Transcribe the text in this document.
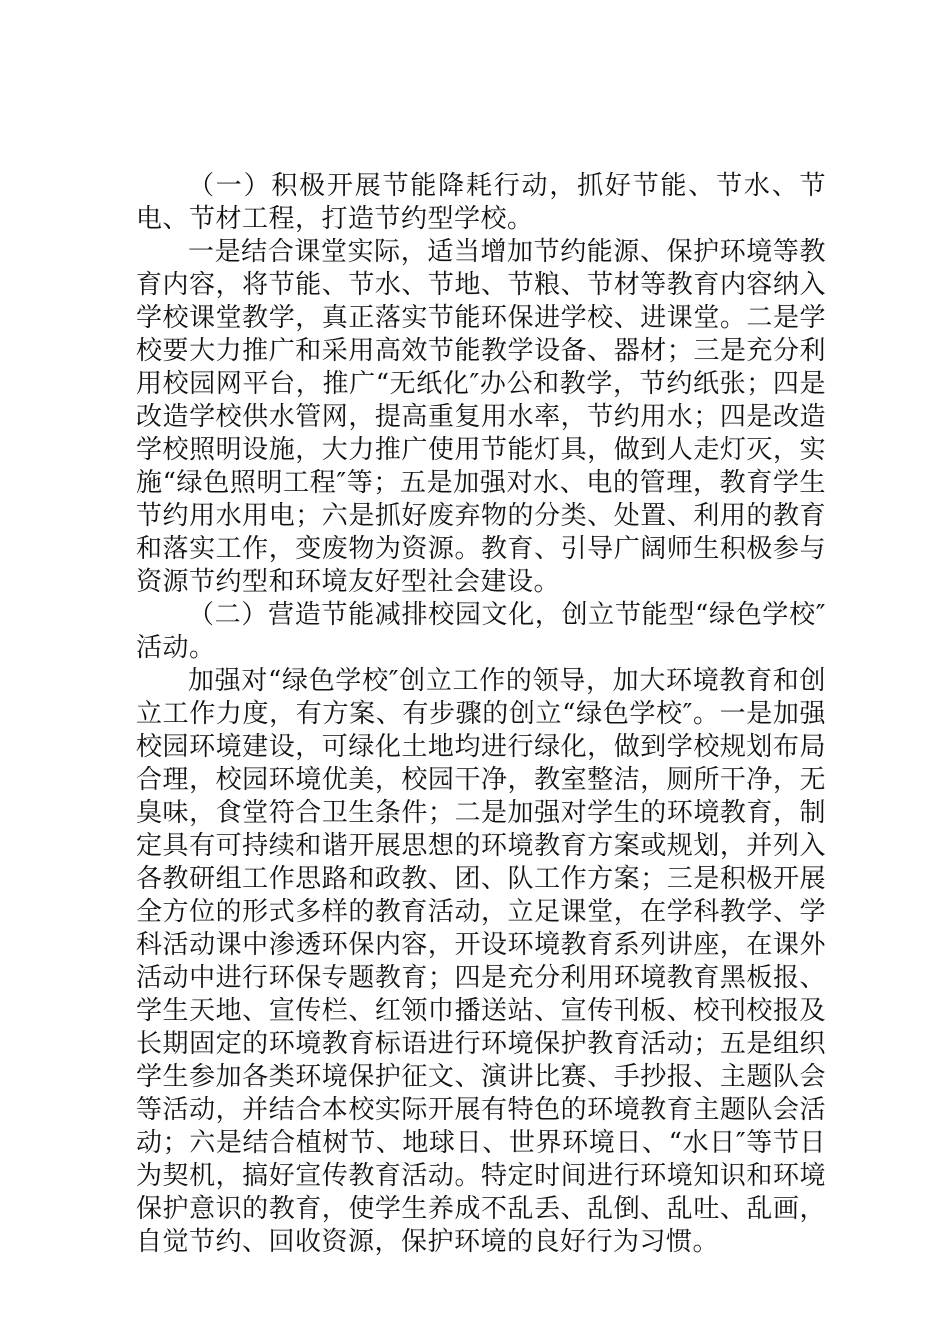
（一）积极开展节能降耗行动，抓好节能、节水、节电、节材工程，打造节约型学校。

一是结合课堂实际，适当增加节约能源、保护环境等教育内容，将节能、节水、节地、节粮、节材等教育内容纳入学校课堂教学，真正落实节能环保进学校、进课堂。二是学校要大力推广和采用高效节能教学设备、器材；三是充分利用校园网平台，推广“无纸化″办公和教学，节约纸张；四是改造学校供水管网，提高重复用水率，节约用水；四是改造学校照明设施，大力推广使用节能灯具，做到人走灯灭，实施“绿色照明工程″等；五是加强对水、电的管理，教育学生节约用水用电；六是抓好废弃物的分类、处置、利用的教育和落实工作，变废物为资源。教育、引导广阔师生积极参与资源节约型和环境友好型社会建设。

（二）营造节能减排校园文化，创立节能型“绿色学校″活动。

加强对“绿色学校″创立工作的领导，加大环境教育和创立工作力度，有方案、有步骤的创立“绿色学校″。一是加强校园环境建设，可绿化土地均进行绿化，做到学校规划布局合理，校园环境优美，校园干净，教室整洁，厕所干净，无臭味，食堂符合卫生条件；二是加强对学生的环境教育，制定具有可持续和谐开展思想的环境教育方案或规划，并列入各教研组工作思路和政教、团、队工作方案；三是积极开展全方位的形式多样的教育活动，立足课堂，在学科教学、学科活动课中渗透环保内容，开设环境教育系列讲座，在课外活动中进行环保专题教育；四是充分利用环境教育黑板报、学生天地、宣传栏、红领巾播送站、宣传刊板、校刊校报及长期固定的环境教育标语进行环境保护教育活动；五是组织学生参加各类环境保护征文、演讲比赛、手抄报、主题队会等活动，并结合本校实际开展有特色的环境教育主题队会活动；六是结合植树节、地球日、世界环境日、“水日″等节日为契机，搞好宣传教育活动。特定时间进行环境知识和环境保护意识的教育，使学生养成不乱丢、乱倒、乱吐、乱画，自觉节约、回收资源，保护环境的良好行为习惯。
